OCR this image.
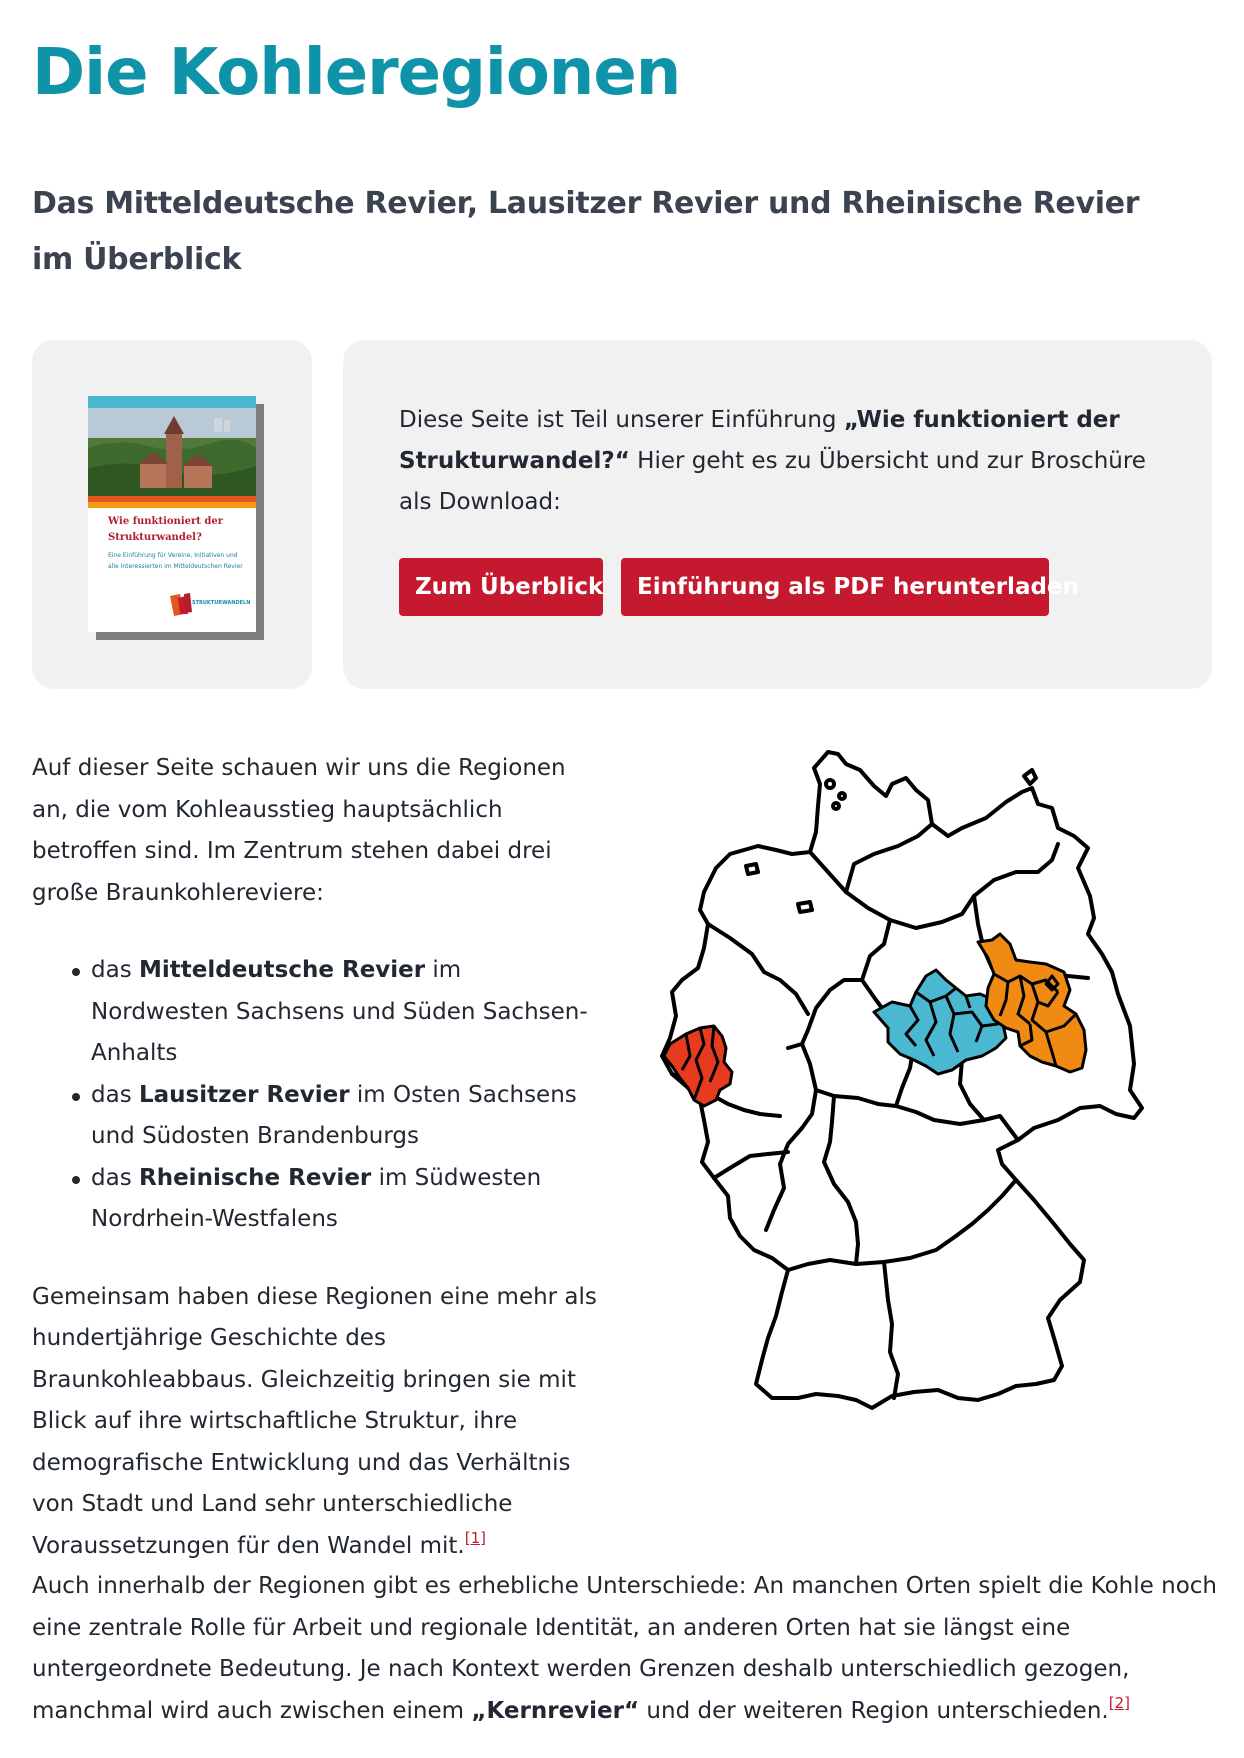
Die Kohleregionen
Das Mitteldeutsche Revier, Lausitzer Revier und Rheinische Revier im Überblick
Wie funktioniert der Strukturwandel?
Eine Einführung für Vereine, Initiativen und alle Interessierten im Mitteldeutschen Revier
STRUKTURWANDELN
Diese Seite ist Teil unserer Einführung „Wie funktioniert der Strukturwandel?“ Hier geht es zu Übersicht und zur Broschüre als Download:
Zum Überblick	Einführung als PDF herunterladen

Auf dieser Seite schauen wir uns die Regionen an, die vom Kohleausstieg hauptsächlich betroffen sind. Im Zentrum stehen dabei drei große Braunkohlereviere:

das Mitteldeutsche Revier im Nordwesten Sachsens und Süden Sachsen-Anhalts
das Lausitzer Revier im Osten Sachsens und Südosten Brandenburgs
das Rheinische Revier im Südwesten Nordrhein-Westfalens

Gemeinsam haben diese Regionen eine mehr als hundertjährige Geschichte des Braunkohleabbaus. Gleichzeitig bringen sie mit Blick auf ihre wirtschaftliche Struktur, ihre demografische Entwicklung und das Verhältnis von Stadt und Land sehr unterschiedliche Voraussetzungen für den Wandel mit.[1]

Auch innerhalb der Regionen gibt es erhebliche Unterschiede: An manchen Orten spielt die Kohle noch eine zentrale Rolle für Arbeit und regionale Identität, an anderen Orten hat sie längst eine untergeordnete Bedeutung. Je nach Kontext werden Grenzen deshalb unterschiedlich gezogen, manchmal wird auch zwischen einem „Kernrevier“ und der weiteren Region unterschieden.[2]
